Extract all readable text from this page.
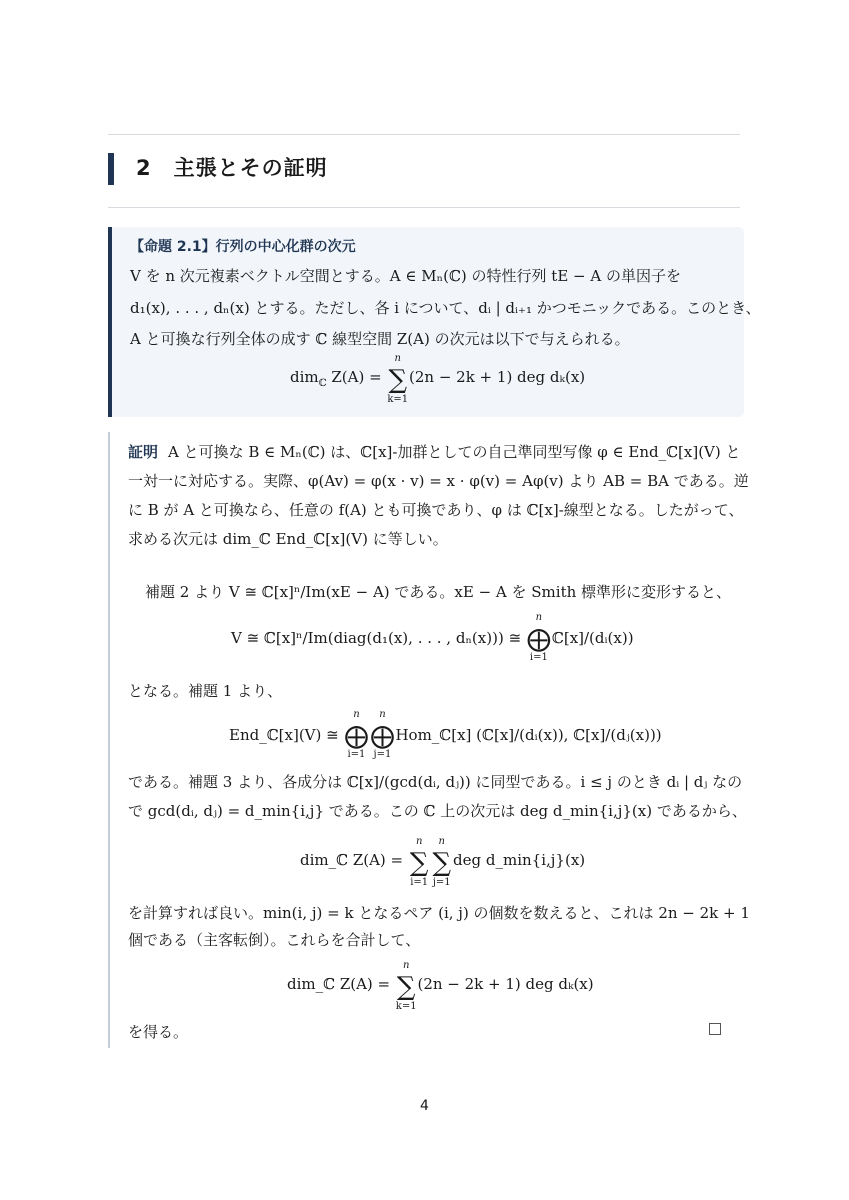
2 主張とその証明
【命題 2.1】行列の中心化群の次元
V を n 次元複素ベクトル空間とする。A ∈ Mₙ(ℂ) の特性行列 tE − A の単因子を
d₁(x), . . . , dₙ(x) とする。ただし、各 i について、dᵢ | dᵢ₊₁ かつモニックである。このとき、
A と可換な行列全体の成す ℂ 線型空間 Z(A) の次元は以下で与えられる。
dim$_ℂ$ Z(A) = ∑
n
k=1
(2n − 2k + 1) deg dₖ(x)
証明 A と可換な B ∈ Mₙ(ℂ) は、ℂ[x]-加群としての自己準同型写像 φ ∈ End_ℂ[x](V) と
一対一に対応する。実際、φ(Av) = φ(x · v) = x · φ(v) = Aφ(v) より AB = BA である。逆
に B が A と可換なら、任意の f(A) とも可換であり、φ は ℂ[x]-線型となる。したがって、
求める次元は dim_ℂ End_ℂ[x](V) に等しい。
補題 2 より V ≅ ℂ[x]ⁿ/Im(xE − A) である。xE − A を Smith 標準形に変形すると、
V ≅ ℂ[x]ⁿ/Im(diag(d₁(x), . . . , dₙ(x))) ≅ ⨁
n
i=1
ℂ[x]/(dᵢ(x))
となる。補題 1 より、
End_ℂ[x](V) ≅ ⨁
n
i=1
⨁
n
j=1
Hom_ℂ[x] (ℂ[x]/(dᵢ(x)), ℂ[x]/(dⱼ(x)))
である。補題 3 より、各成分は ℂ[x]/(gcd(dᵢ, dⱼ)) に同型である。i ≤ j のとき dᵢ | dⱼ なの
で gcd(dᵢ, dⱼ) = d_min{i,j} である。この ℂ 上の次元は deg d_min{i,j}(x) であるから、
dim_ℂ Z(A) = ∑
n
i=1
∑
n
j=1
deg d_min{i,j}(x)
を計算すれば良い。min(i, j) = k となるペア (i, j) の個数を数えると、これは 2n − 2k + 1
個である（主客転倒）。これらを合計して、
dim_ℂ Z(A) = ∑
n
k=1
(2n − 2k + 1) deg dₖ(x)
を得る。
4
